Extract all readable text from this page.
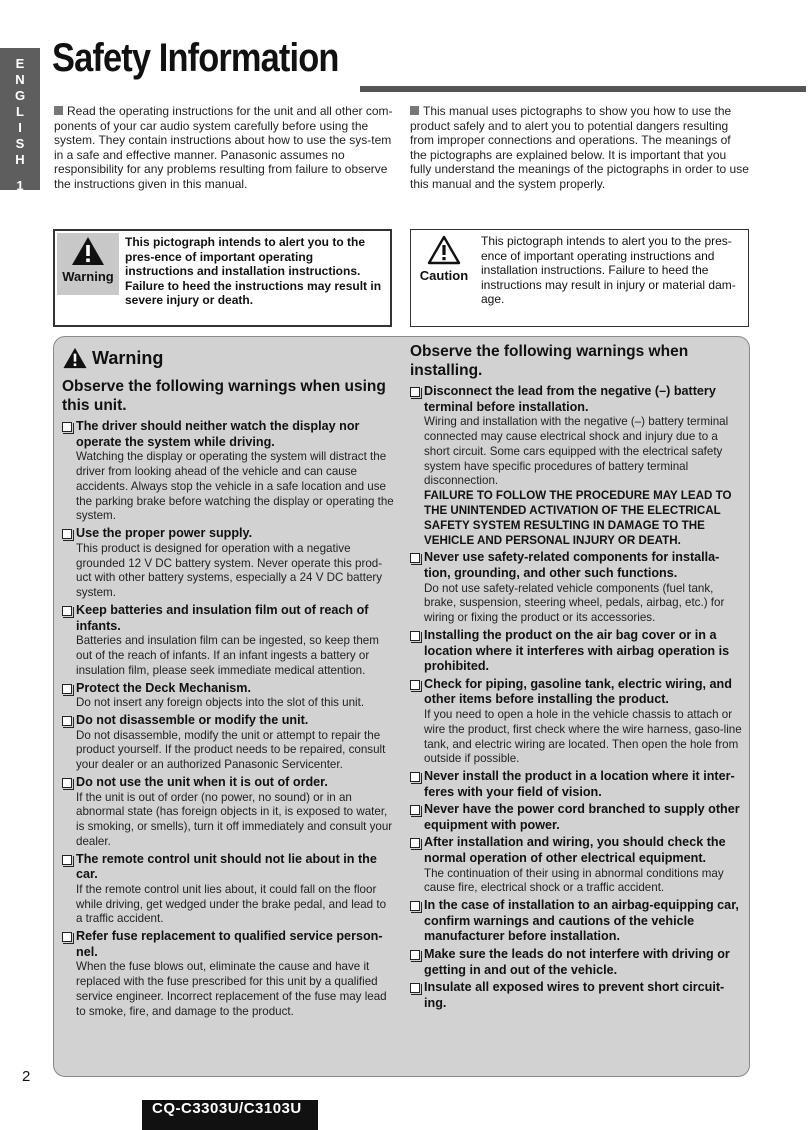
E
N
G
L
I
S
H
1
Safety Information
Read the operating instructions for the unit and all other com-ponents of your car audio system carefully before using the system. They contain instructions about how to use the sys-tem in a safe and effective manner. Panasonic assumes no responsibility for any problems resulting from failure to observe the instructions given in this manual.
This manual uses pictographs to show you how to use the product safely and to alert you to potential dangers resulting from improper connections and operations. The meanings of the pictographs are explained below. It is important that you fully understand the meanings of the pictographs in order to use this manual and the system properly.
Warning
This pictograph intends to alert you to the pres-ence of important operating instructions and installation instructions. Failure to heed the instructions may result in severe injury or death.
Caution
This pictograph intends to alert you to the pres-ence of important operating instructions and installation instructions. Failure to heed the instructions may result in injury or material dam-age.
Warning
Observe the following warnings when using this unit.
The driver should neither watch the display nor operate the system while driving.
Watching the display or operating the system will distract the driver from looking ahead of the vehicle and can cause accidents. Always stop the vehicle in a safe location and use the parking brake before watching the display or operating the system.
Use the proper power supply.
This product is designed for operation with a negative grounded 12 V DC battery system. Never operate this prod-uct with other battery systems, especially a 24 V DC battery system.
Keep batteries and insulation film out of reach of infants.
Batteries and insulation film can be ingested, so keep them out of the reach of infants. If an infant ingests a battery or insulation film, please seek immediate medical attention.
Protect the Deck Mechanism.
Do not insert any foreign objects into the slot of this unit.
Do not disassemble or modify the unit.
Do not disassemble, modify the unit or attempt to repair the product yourself. If the product needs to be repaired, consult your dealer or an authorized Panasonic Servicenter.
Do not use the unit when it is out of order.
If the unit is out of order (no power, no sound) or in an abnormal state (has foreign objects in it, is exposed to water, is smoking, or smells), turn it off immediately and consult your dealer.
The remote control unit should not lie about in the car.
If the remote control unit lies about, it could fall on the floor while driving, get wedged under the brake pedal, and lead to a traffic accident.
Refer fuse replacement to qualified service person-nel.
When the fuse blows out, eliminate the cause and have it replaced with the fuse prescribed for this unit by a qualified service engineer. Incorrect replacement of the fuse may lead to smoke, fire, and damage to the product.
Observe the following warnings when installing.
Disconnect the lead from the negative (–) battery terminal before installation.
Wiring and installation with the negative (–) battery terminal connected may cause electrical shock and injury due to a short circuit. Some cars equipped with the electrical safety system have specific procedures of battery terminal disconnection.
FAILURE TO FOLLOW THE PROCEDURE MAY LEAD TO THE UNINTENDED ACTIVATION OF THE ELECTRICAL SAFETY SYSTEM RESULTING IN DAMAGE TO THE VEHICLE AND PERSONAL INJURY OR DEATH.
Never use safety-related components for installa-tion, grounding, and other such functions.
Do not use safety-related vehicle components (fuel tank, brake, suspension, steering wheel, pedals, airbag, etc.) for wiring or fixing the product or its accessories.
Installing the product on the air bag cover or in a location where it interferes with airbag operation is prohibited.
Check for piping, gasoline tank, electric wiring, and other items before installing the product.
If you need to open a hole in the vehicle chassis to attach or wire the product, first check where the wire harness, gaso-line tank, and electric wiring are located. Then open the hole from outside if possible.
Never install the product in a location where it inter-feres with your field of vision.
Never have the power cord branched to supply other equipment with power.
After installation and wiring, you should check the normal operation of other electrical equipment.
The continuation of their using in abnormal conditions may cause fire, electrical shock or a traffic accident.
In the case of installation to an airbag-equipping car, confirm warnings and cautions of the vehicle manufacturer before installation.
Make sure the leads do not interfere with driving or getting in and out of the vehicle.
Insulate all exposed wires to prevent short circuit-ing.
2
CQ-C3303U/C3103U
